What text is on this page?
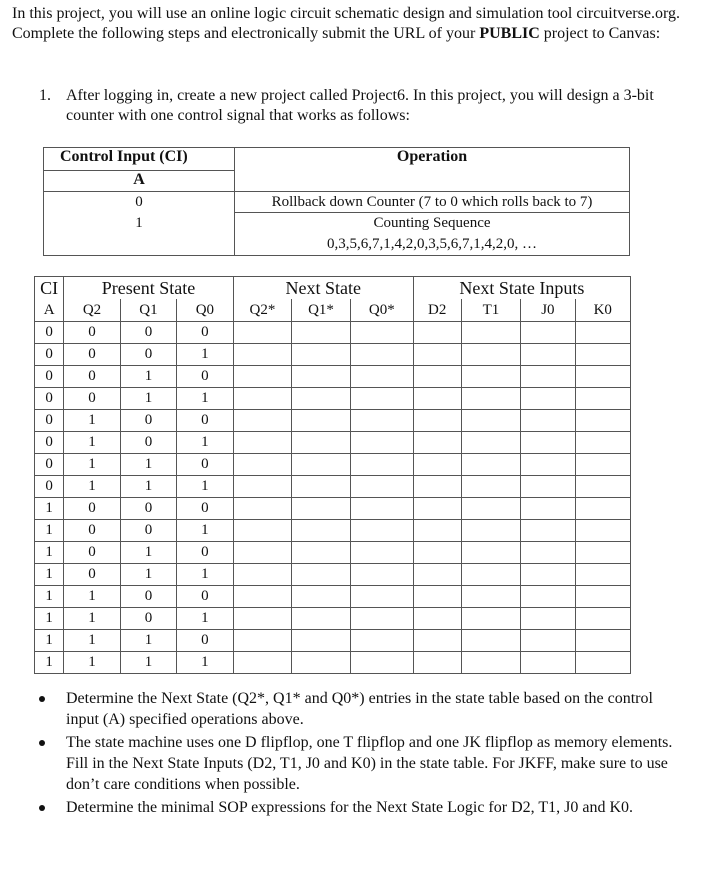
In this project, you will use an online logic circuit schematic design and simulation tool circuitverse.org. Complete the following steps and electronically submit the URL of your PUBLIC project to Canvas:
1. After logging in, create a new project called Project6. In this project, you will design a 3-bit counter with one control signal that works as follows:
Control Input (CI)	Operation
A	
0	Rollback down Counter (7 to 0 which rolls back to 7)
1	Counting Sequence
0,3,5,6,7,1,4,2,0,3,5,6,7,1,4,2,0, …
CI	Present State			Next State			Next State Inputs			
A	Q2	Q1	Q0	Q2*	Q1*	Q0*	D2	T1	J0	K0
0	0	0	0							
0	0	0	1							
0	0	1	0							
0	0	1	1							
0	1	0	0							
0	1	0	1							
0	1	1	0							
0	1	1	1							
1	0	0	0							
1	0	0	1							
1	0	1	0							
1	0	1	1							
1	1	0	0							
1	1	0	1							
1	1	1	0							
1	1	1	1							
Determine the Next State (Q2*, Q1* and Q0*) entries in the state table based on the control input (A) specified operations above.
The state machine uses one D flipflop, one T flipflop and one JK flipflop as memory elements. Fill in the Next State Inputs (D2, T1, J0 and K0) in the state table. For JKFF, make sure to use don’t care conditions when possible.
Determine the minimal SOP expressions for the Next State Logic for D2, T1, J0 and K0.
